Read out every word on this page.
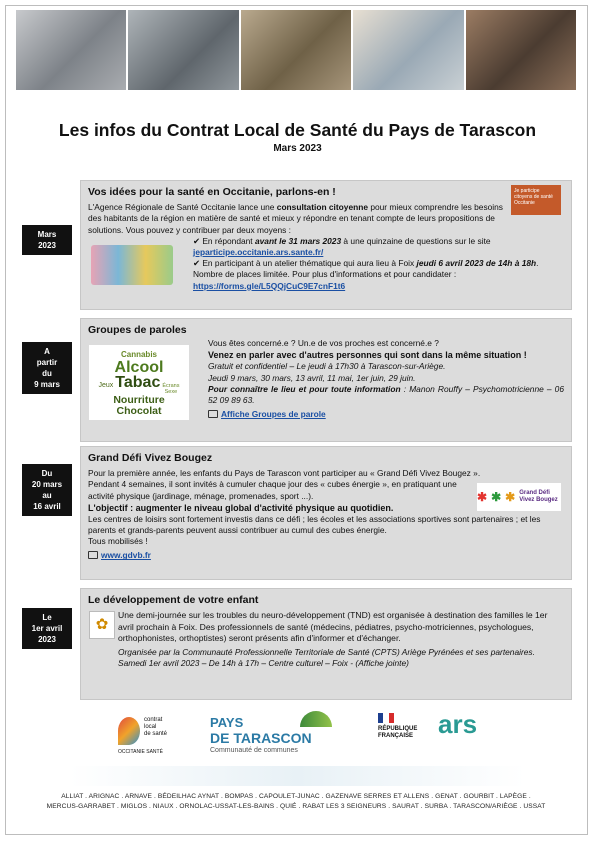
Les infos du Contrat Local de Santé du Pays de Tarascon
Mars 2023
Mars
2023
Je participe citoyens de santé Occitanie
Vos idées pour la santé en Occitanie, parlons-en !

L'Agence Régionale de Santé Occitanie lance une consultation citoyenne pour mieux comprendre les besoins des habitants de la région en matière de santé et mieux y répondre en tenant compte de leurs propositions de solutions. Vous pouvez y contribuer par deux moyens :

✔ En répondant avant le 31 mars 2023 à une quinzaine de questions sur le site

jeparticipe.occitanie.ars.sante.fr/

✔ En participant à un atelier thématique qui aura lieu à Foix jeudi 6 avril 2023 de 14h à 18h. Nombre de places limitée. Pour plus d'informations et pour candidater :

https://forms.gle/L5QQjCuC9E7cnF1t6

A
partir
du
9 mars
Groupes de paroles
Cannabis
Alcool
Jeux Tabac Écrans
Sexe
Nourriture
Chocolat

Vous êtes concerné.e ? Un.e de vos proches est concerné.e ?

Venez en parler avec d'autres personnes qui sont dans la même situation !

Gratuit et confidentiel – Le jeudi à 17h30 à Tarascon-sur-Ariège.

Jeudi 9 mars, 30 mars, 13 avril, 11 mai, 1er juin, 29 juin.

Pour connaître le lieu et pour toute information : Manon Rouffy – Psychomotricienne – 06 52 09 89 63.

Affiche Groupes de parole

Du
20 mars
au
16 avril
Grand Défi Vivez Bougez
✱ ✱ ✱ Grand Défi
Vivez Bougez

Pour la première année, les enfants du Pays de Tarascon vont participer au « Grand Défi Vivez Bougez ».

Pendant 4 semaines, il sont invités à cumuler chaque jour des « cubes énergie », en pratiquant une activité physique (jardinage, ménage, promenades, sport ...).

L'objectif : augmenter le niveau global d'activité physique au quotidien.

Les centres de loisirs sont fortement investis dans ce défi ; les écoles et les associations sportives sont partenaires ; et les parents et grands-parents peuvent aussi contribuer au cumul des cubes énergie.

Tous mobilisés !

www.gdvb.fr

Le
1er avril
2023
Le développement de votre enfant
✿

Une demi-journée sur les troubles du neuro-développement (TND) est organisée à destination des familles le 1er avril prochain à Foix. Des professionnels de santé (médecins, pédiatres, psycho-motriciennes, psychologues, orthophonistes, orthoptistes) seront présents afin d'informer et d'échanger.

Organisée par la Communauté Professionnelle Territoriale de Santé (CPTS) Ariège Pyrénées et ses partenaires. Samedi 1er avril 2023 – De 14h à 17h – Centre culturel – Foix - (Affiche jointe)

contrat
local
de santé
OCCITANIE SANTÉ
PAYS
DE TARASCON
Communauté de communes
RÉPUBLIQUE
FRANÇAISE ars
ALLIAT . ARIGNAC . ARNAVE . BÉDEILHAC AYNAT . BOMPAS . CAPOULET-JUNAC . GAZENAVE SERRES ET ALLENS . GENAT . GOURBIT . LAPÈGE .
MERCUS-GARRABET . MIGLOS . NIAUX . ORNOLAC-USSAT-LES-BAINS . QUIÉ . RABAT LES 3 SEIGNEURS . SAURAT . SURBA . TARASCON/ARIÈGE . USSAT
